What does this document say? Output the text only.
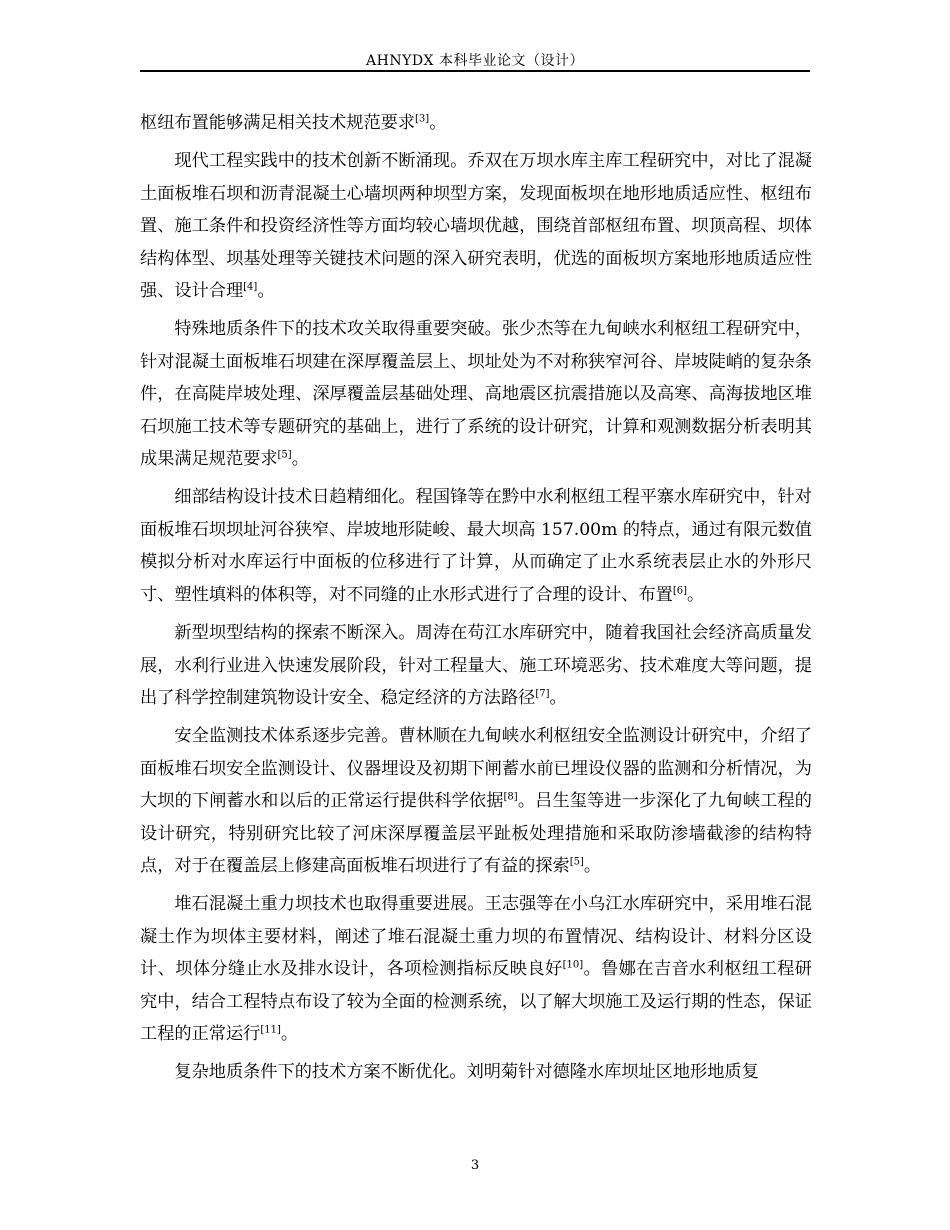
AHNYDX 本科毕业论文（设计）

枢纽布置能够满足相关技术规范要求[3]。

现代工程实践中的技术创新不断涌现。乔双在万坝水库主库工程研究中，对比了混凝土面板堆石坝和沥青混凝土心墙坝两种坝型方案，发现面板坝在地形地质适应性、枢纽布置、施工条件和投资经济性等方面均较心墙坝优越，围绕首部枢纽布置、坝顶高程、坝体结构体型、坝基处理等关键技术问题的深入研究表明，优选的面板坝方案地形地质适应性强、设计合理[4]。

特殊地质条件下的技术攻关取得重要突破。张少杰等在九甸峡水利枢纽工程研究中，针对混凝土面板堆石坝建在深厚覆盖层上、坝址处为不对称狭窄河谷、岸坡陡峭的复杂条件，在高陡岸坡处理、深厚覆盖层基础处理、高地震区抗震措施以及高寒、高海拔地区堆石坝施工技术等专题研究的基础上，进行了系统的设计研究，计算和观测数据分析表明其成果满足规范要求[5]。

细部结构设计技术日趋精细化。程国锋等在黔中水利枢纽工程平寨水库研究中，针对面板堆石坝坝址河谷狭窄、岸坡地形陡峻、最大坝高 157.00m 的特点，通过有限元数值模拟分析对水库运行中面板的位移进行了计算，从而确定了止水系统表层止水的外形尺寸、塑性填料的体积等，对不同缝的止水形式进行了合理的设计、布置[6]。

新型坝型结构的探索不断深入。周涛在苟江水库研究中，随着我国社会经济高质量发展，水利行业进入快速发展阶段，针对工程量大、施工环境恶劣、技术难度大等问题，提出了科学控制建筑物设计安全、稳定经济的方法路径[7]。

安全监测技术体系逐步完善。曹林顺在九甸峡水利枢纽安全监测设计研究中，介绍了面板堆石坝安全监测设计、仪器埋设及初期下闸蓄水前已埋设仪器的监测和分析情况，为大坝的下闸蓄水和以后的正常运行提供科学依据[8]。吕生玺等进一步深化了九甸峡工程的设计研究，特别研究比较了河床深厚覆盖层平趾板处理措施和采取防渗墙截渗的结构特点，对于在覆盖层上修建高面板堆石坝进行了有益的探索[5]。

堆石混凝土重力坝技术也取得重要进展。王志强等在小乌江水库研究中，采用堆石混凝土作为坝体主要材料，阐述了堆石混凝土重力坝的布置情况、结构设计、材料分区设计、坝体分缝止水及排水设计，各项检测指标反映良好[10]。鲁娜在吉音水利枢纽工程研究中，结合工程特点布设了较为全面的检测系统，以了解大坝施工及运行期的性态，保证工程的正常运行[11]。

复杂地质条件下的技术方案不断优化。刘明菊针对德隆水库坝址区地形地质复

3
